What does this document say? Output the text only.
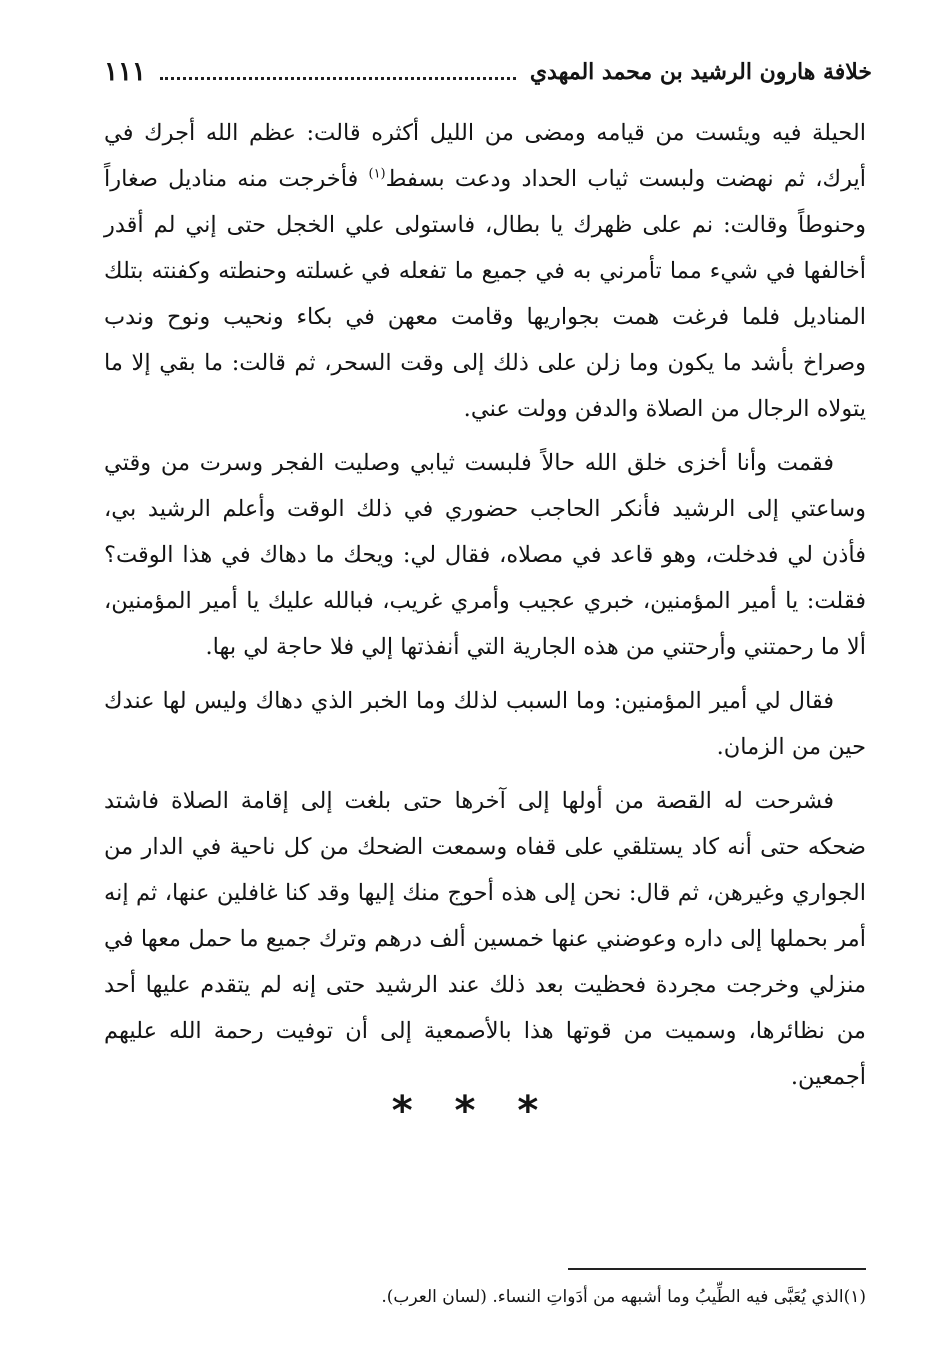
خلافة هارون الرشيد بن محمد المهدي
١١١

الحيلة فيه ويئست من قيامه ومضى من الليل أكثره قالت: عظم الله أجرك في أيرك، ثم نهضت ولبست ثياب الحداد ودعت بسفط$^{(١)}$ فأخرجت منه مناديل صغاراً وحنوطاً وقالت: نم على ظهرك يا بطال، فاستولى علي الخجل حتى إني لم أقدر أخالفها في شيء مما تأمرني به في جميع ما تفعله في غسلته وحنطته وكفنته بتلك المناديل فلما فرغت همت بجواريها وقامت معهن في بكاء ونحيب ونوح وندب وصراخ بأشد ما يكون وما زلن على ذلك إلى وقت السحر، ثم قالت: ما بقي إلا ما يتولاه الرجال من الصلاة والدفن وولت عني.

فقمت وأنا أخزى خلق الله حالاً فلبست ثيابي وصليت الفجر وسرت من وقتي وساعتي إلى الرشيد فأنكر الحاجب حضوري في ذلك الوقت وأعلم الرشيد بي، فأذن لي فدخلت، وهو قاعد في مصلاه، فقال لي: ويحك ما دهاك في هذا الوقت؟ فقلت: يا أمير المؤمنين، خبري عجيب وأمري غريب، فبالله عليك يا أمير المؤمنين، ألا ما رحمتني وأرحتني من هذه الجارية التي أنفذتها إلي فلا حاجة لي بها.

فقال لي أمير المؤمنين: وما السبب لذلك وما الخبر الذي دهاك وليس لها عندك حين من الزمان.

فشرحت له القصة من أولها إلى آخرها حتى بلغت إلى إقامة الصلاة فاشتد ضحكه حتى أنه كاد يستلقي على قفاه وسمعت الضحك من كل ناحية في الدار من الجواري وغيرهن، ثم قال: نحن إلى هذه أحوج منك إليها وقد كنا غافلين عنها، ثم إنه أمر بحملها إلى داره وعوضني عنها خمسين ألف درهم وترك جميع ما حمل معها في منزلي وخرجت مجردة فحظيت بعد ذلك عند الرشيد حتى إنه لم يتقدم عليها أحد من نظائرها، وسميت من قوتها هذا بالأصمعية إلى أن توفيت رحمة الله عليهم أجمعين.

* * *
(١)الذي يُعَبَّى فيه الطِّيبُ وما أشبهه من أدَواتِ النساء. (لسان العرب).
